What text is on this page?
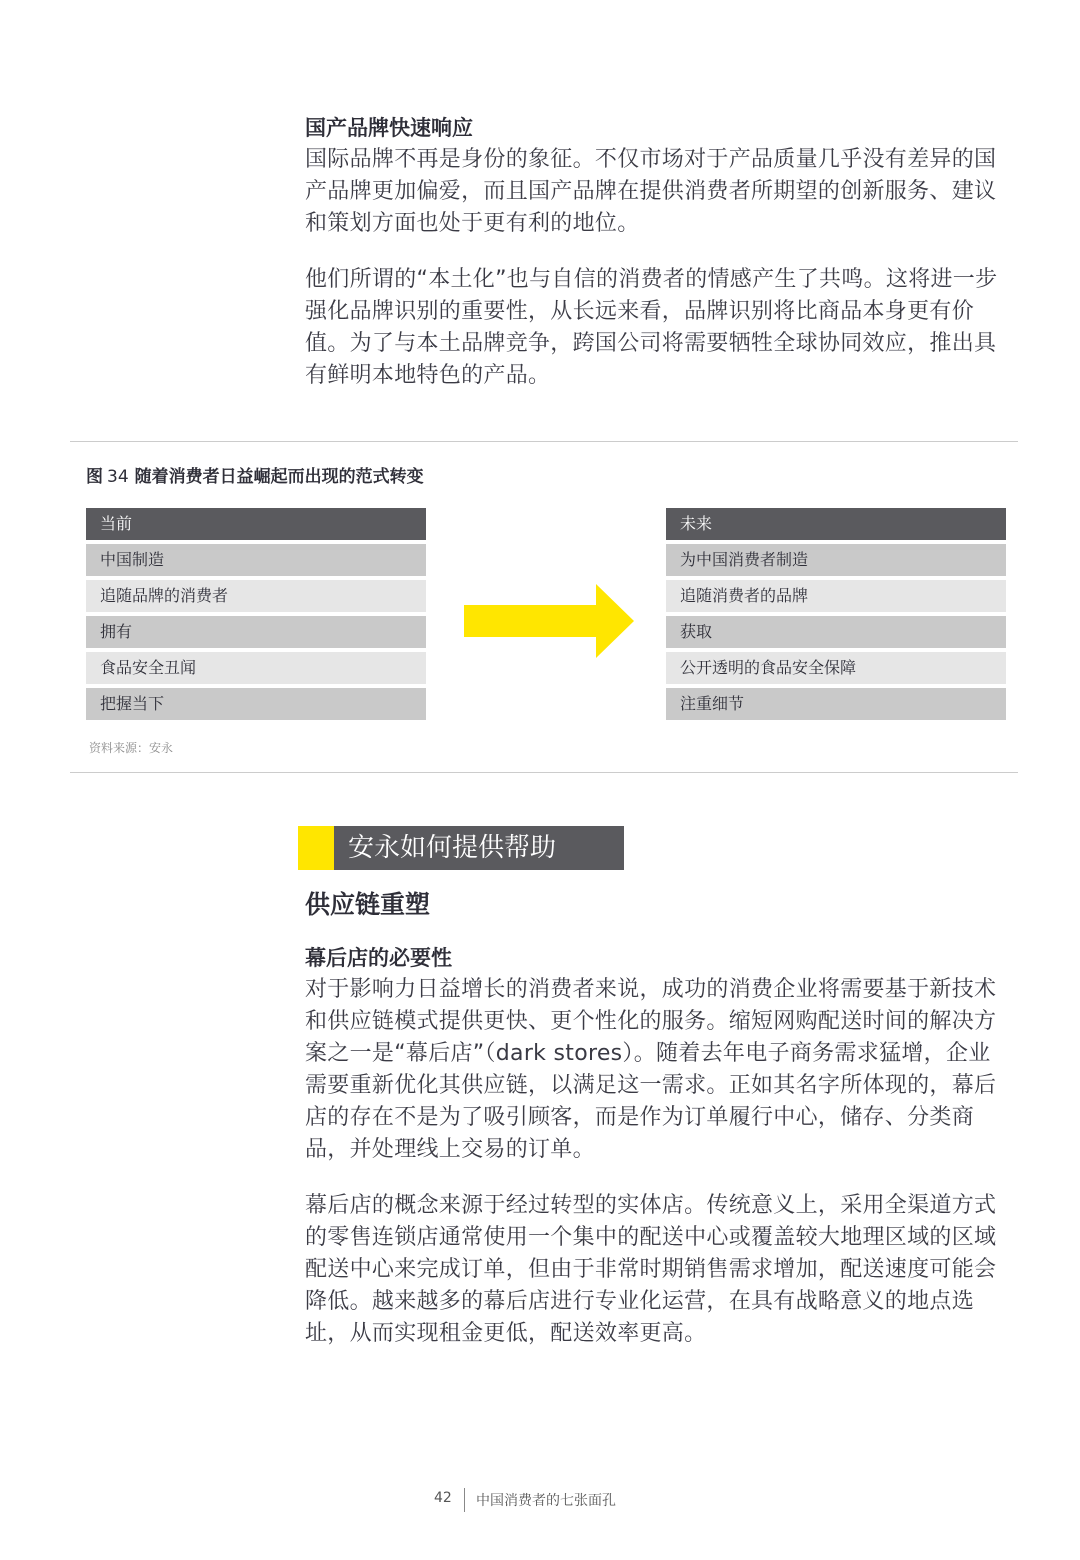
国产品牌快速响应
国际品牌不再是身份的象征。不仅市场对于产品质量几乎没有差异的国产品牌更加偏爱，而且国产品牌在提供消费者所期望的创新服务、建议和策划方面也处于更有利的地位。
他们所谓的“本土化”也与自信的消费者的情感产生了共鸣。这将进一步强化品牌识别的重要性，从长远来看，品牌识别将比商品本身更有价值。为了与本土品牌竞争，跨国公司将需要牺牲全球协同效应，推出具有鲜明本地特色的产品。
图 34 随着消费者日益崛起而出现的范式转变
当前
中国制造
追随品牌的消费者
拥有
食品安全丑闻
把握当下
未来
为中国消费者制造
追随消费者的品牌
获取
公开透明的食品安全保障
注重细节
资料来源：安永
安永如何提供帮助
供应链重塑
幕后店的必要性
对于影响力日益增长的消费者来说，成功的消费企业将需要基于新技术和供应链模式提供更快、更个性化的服务。缩短网购配送时间的解决方案之一是“幕后店”（dark stores）。随着去年电子商务需求猛增，企业需要重新优化其供应链，以满足这一需求。正如其名字所体现的，幕后店的存在不是为了吸引顾客，而是作为订单履行中心，储存、分类商品，并处理线上交易的订单。
幕后店的概念来源于经过转型的实体店。传统意义上，采用全渠道方式的零售连锁店通常使用一个集中的配送中心或覆盖较大地理区域的区域配送中心来完成订单，但由于非常时期销售需求增加，配送速度可能会降低。越来越多的幕后店进行专业化运营，在具有战略意义的地点选址，从而实现租金更低，配送效率更高。
42 中国消费者的七张面孔
